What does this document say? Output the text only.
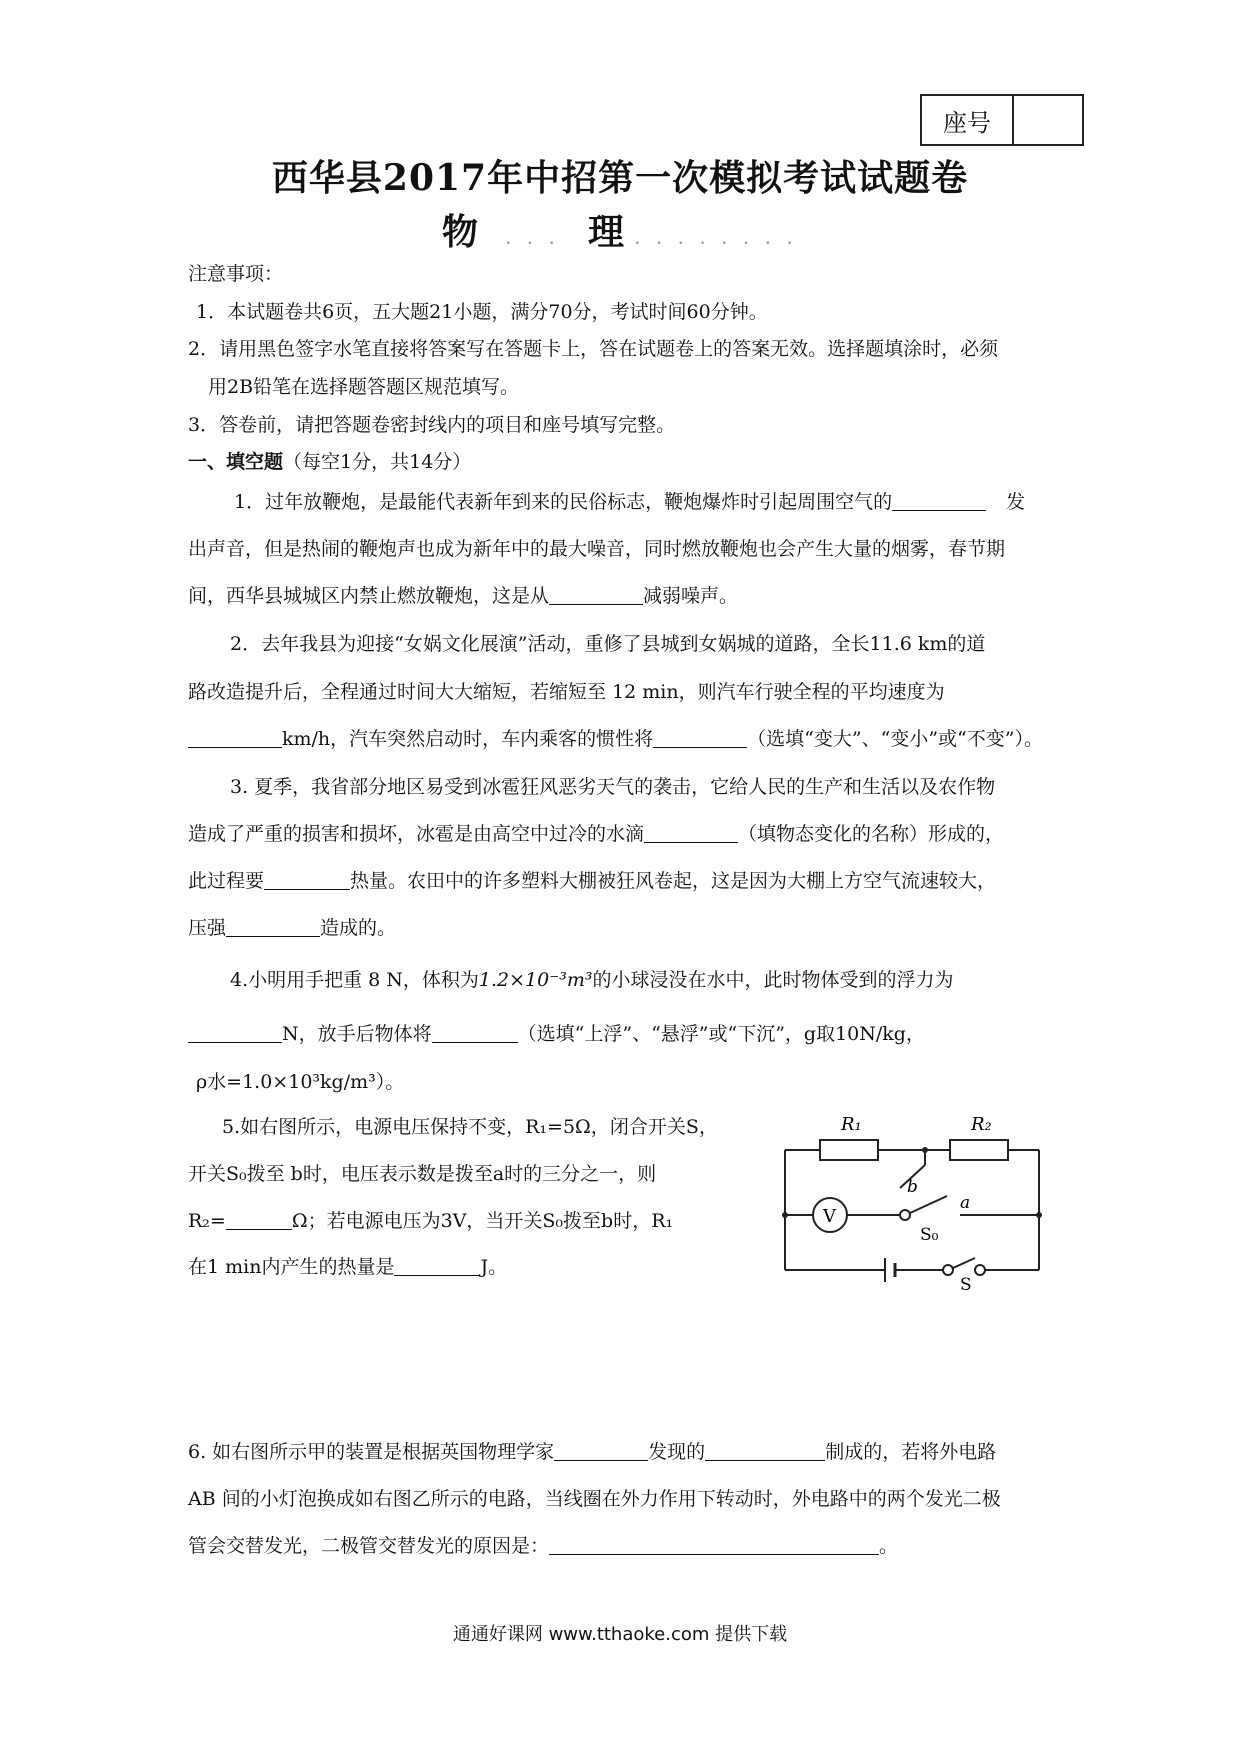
座号
西华县2017年中招第一次模拟考试试题卷
物 . . . 理 . . . . . . . .
注意事项：
1．本试题卷共6页，五大题21小题，满分70分，考试时间60分钟。
2．请用黑色签字水笔直接将答案写在答题卡上，答在试题卷上的答案无效。选择题填涂时，必须
用2B铅笔在选择题答题区规范填写。
3．答卷前，请把答题卷密封线内的项目和座号填写完整。
一、填空题（每空1分，共14分）
1．过年放鞭炮，是最能代表新年到来的民俗标志，鞭炮爆炸时引起周围空气的	发
出声音，但是热闹的鞭炮声也成为新年中的最大噪音，同时燃放鞭炮也会产生大量的烟雾，春节期
间，西华县城城区内禁止燃放鞭炮，这是从	减弱噪声。
2．去年我县为迎接“女娲文化展演”活动，重修了县城到女娲城的道路，全长11.6 km的道
路改造提升后，全程通过时间大大缩短，若缩短至 12 min，则汽车行驶全程的平均速度为
km/h，汽车突然启动时，车内乘客的惯性将	（选填“变大”、“变小”或“不变”）。
3. 夏季，我省部分地区易受到冰雹狂风恶劣天气的袭击，它给人民的生产和生活以及农作物
造成了严重的损害和损坏，冰雹是由高空中过冷的水滴	（填物态变化的名称）形成的，
此过程要	热量。农田中的许多塑料大棚被狂风卷起，这是因为大棚上方空气流速较大，
压强	造成的。
4.小明用手把重 8 N，体积为1.2×10⁻³m³的小球浸没在水中，此时物体受到的浮力为
N，放手后物体将	（选填“上浮”、“悬浮”或“下沉”，g取10N/kg，
ρ水=1.0×10³kg/m³）。
5.如右图所示，电源电压保持不变，R₁=5Ω，闭合开关S，
开关S₀拨至 b时，电压表示数是拨至a时的三分之一，则
R₂=	Ω；若电源电压为3V，当开关S₀拨至b时，R₁
在1 min内产生的热量是	J。
R₁	R₂
V
b
a
S₀
S
6. 如右图所示甲的装置是根据英国物理学家	发现的	制成的，若将外电路
AB 间的小灯泡换成如右图乙所示的电路，当线圈在外力作用下转动时，外电路中的两个发光二极
管会交替发光，二极管交替发光的原因是：	。
通通好课网 www.tthaoke.com 提供下载
